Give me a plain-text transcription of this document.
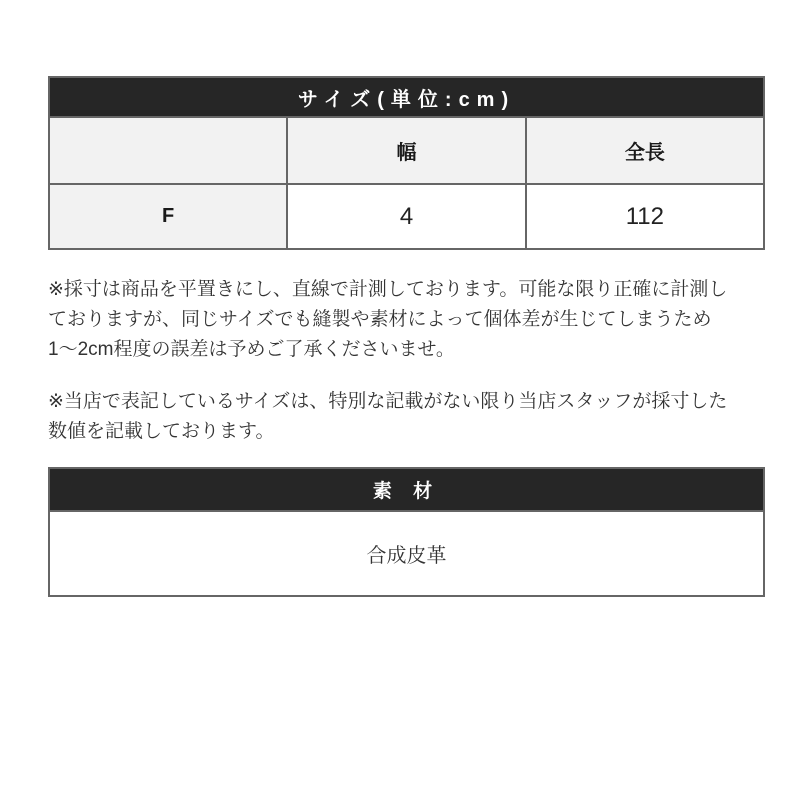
サイズ(単位:cm)		
	幅	全長
F	4	112
※採寸は商品を平置きにし、直線で計測しております。可能な限り正確に計測し
ておりますが、同じサイズでも縫製や素材によって個体差が生じてしまうため
1〜2cm程度の誤差は予めご了承くださいませ。
※当店で表記しているサイズは、特別な記載がない限り当店スタッフが採寸した
数値を記載しております。
素 材
合成皮革
